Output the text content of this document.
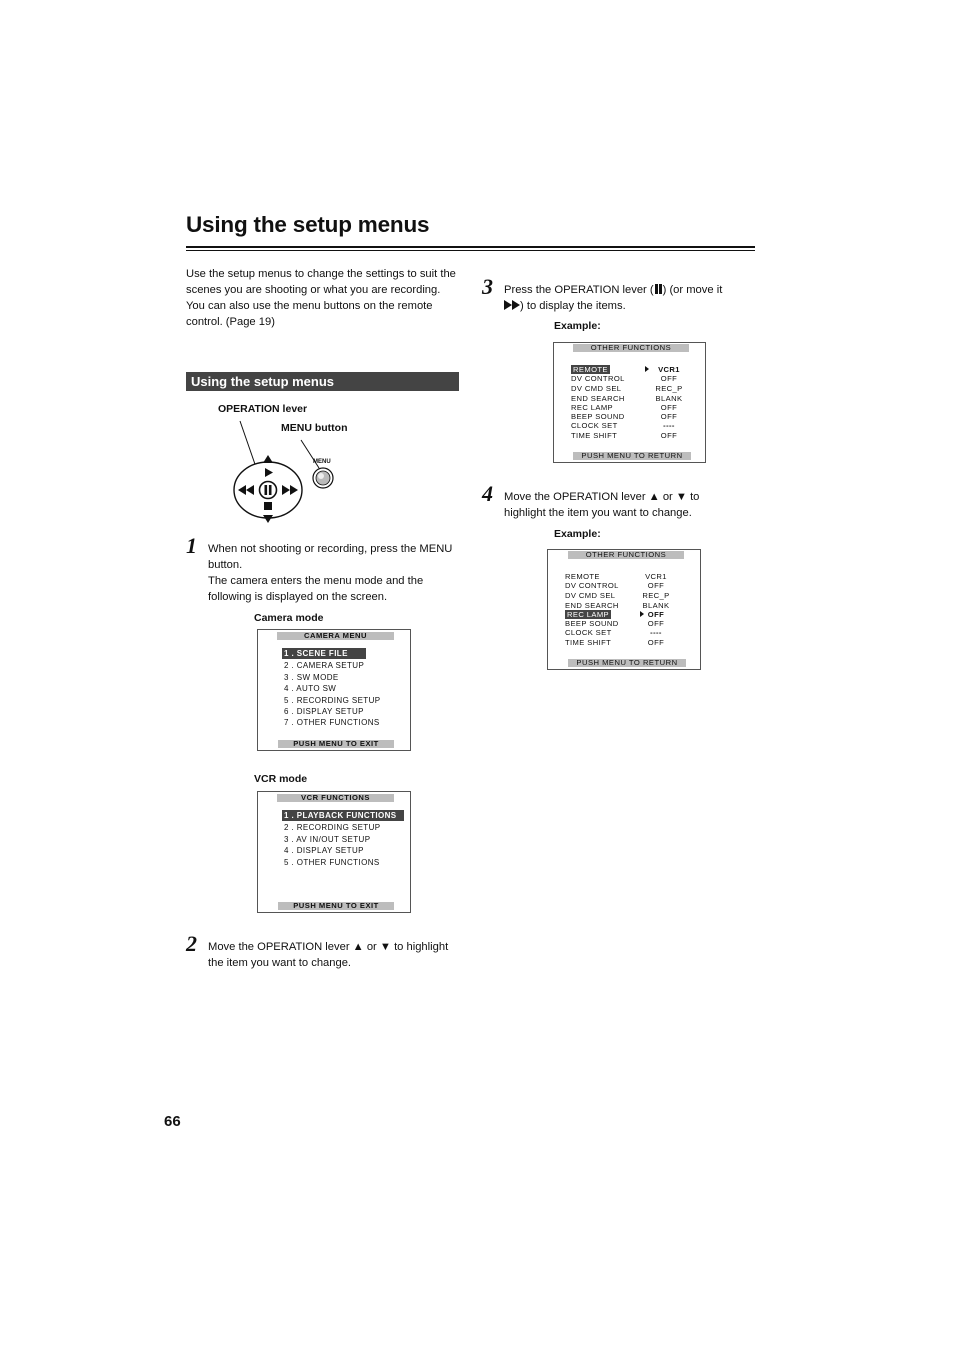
Using the setup menus

Use the setup menus to change the settings to suit the scenes you are shooting or what you are recording.
You can also use the menu buttons on the remote control. (Page 19)

Using the setup menus
OPERATION lever
MENU button
MENU
1 When not shooting or recording, press the MENU button.
The camera enters the menu mode and the following is displayed on the screen.

Camera mode
CAMERA MENU
1 . SCENE FILE
2 . CAMERA SETUP
3 . SW MODE
4 . AUTO SW
5 . RECORDING SETUP
6 . DISPLAY SETUP
7 . OTHER FUNCTIONS
PUSH MENU TO EXIT
VCR mode
VCR FUNCTIONS
1 . PLAYBACK FUNCTIONS
2 . RECORDING SETUP
3 . AV IN/OUT SETUP
4 . DISPLAY SETUP
5 . OTHER FUNCTIONS
PUSH MENU TO EXIT
2 Move the OPERATION lever ▲ or ▼ to highlight the item you want to change.

3 Press the OPERATION lever ( ) (or move it
) to display the items.

Example:
OTHER FUNCTIONS
REMOTE	VCR1
DV CONTROL	OFF
DV CMD SEL	REC_P
END SEARCH	BLANK
REC LAMP	OFF
BEEP SOUND	OFF
CLOCK SET	----
TIME SHIFT	OFF
PUSH MENU TO RETURN
4 Move the OPERATION lever ▲ or ▼ to highlight the item you want to change.

Example:
OTHER FUNCTIONS
REMOTE	VCR1
DV CONTROL	OFF
DV CMD SEL	REC_P
END SEARCH	BLANK
REC LAMP	OFF
BEEP SOUND	OFF
CLOCK SET	----
TIME SHIFT	OFF
PUSH MENU TO RETURN
66
